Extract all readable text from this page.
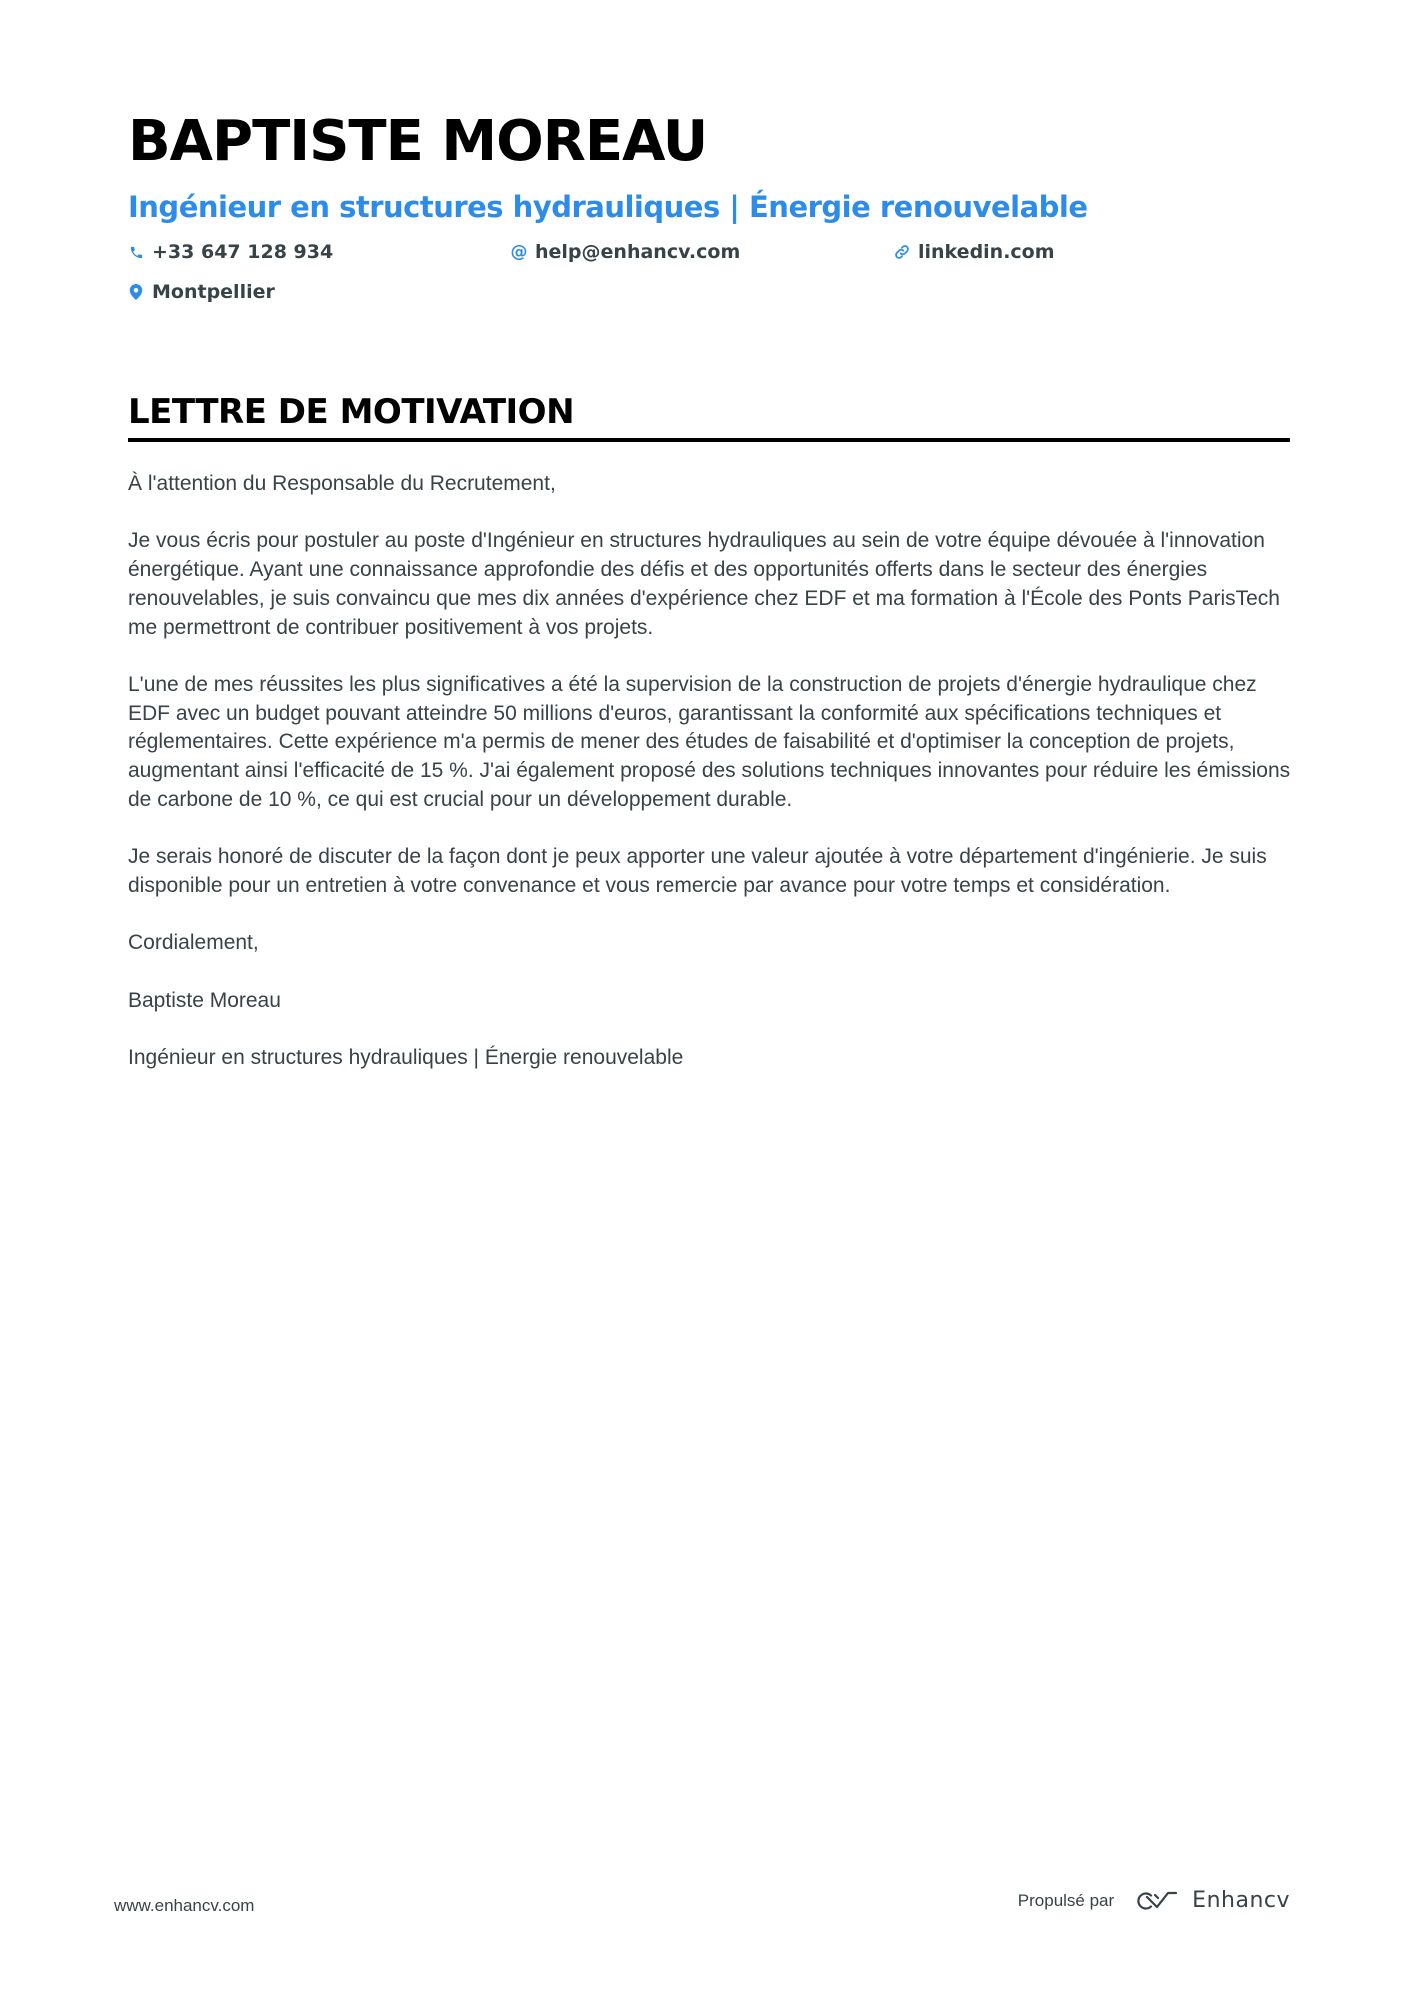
BAPTISTE MOREAU
Ingénieur en structures hydrauliques | Énergie renouvelable
+33 647 128 934	@ help@enhancv.com	linkedin.com
Montpellier
LETTRE DE MOTIVATION

À l'attention du Responsable du Recrutement,

Je vous écris pour postuler au poste d'Ingénieur en structures hydrauliques au sein de votre équipe dévouée à l'innovation énergétique. Ayant une connaissance approfondie des défis et des opportunités offerts dans le secteur des énergies renouvelables, je suis convaincu que mes dix années d'expérience chez EDF et ma formation à l'École des Ponts ParisTech me permettront de contribuer positivement à vos projets.

L'une de mes réussites les plus significatives a été la supervision de la construction de projets d'énergie hydraulique chez EDF avec un budget pouvant atteindre 50 millions d'euros, garantissant la conformité aux spécifications techniques et réglementaires. Cette expérience m'a permis de mener des études de faisabilité et d'optimiser la conception de projets, augmentant ainsi l'efficacité de 15 %. J'ai également proposé des solutions techniques innovantes pour réduire les émissions de carbone de 10 %, ce qui est crucial pour un développement durable.

Je serais honoré de discuter de la façon dont je peux apporter une valeur ajoutée à votre département d'ingénierie. Je suis disponible pour un entretien à votre convenance et vous remercie par avance pour votre temps et considération.

Cordialement,

Baptiste Moreau

Ingénieur en structures hydrauliques | Énergie renouvelable

www.enhancv.com	Propulsé par	Enhancv
